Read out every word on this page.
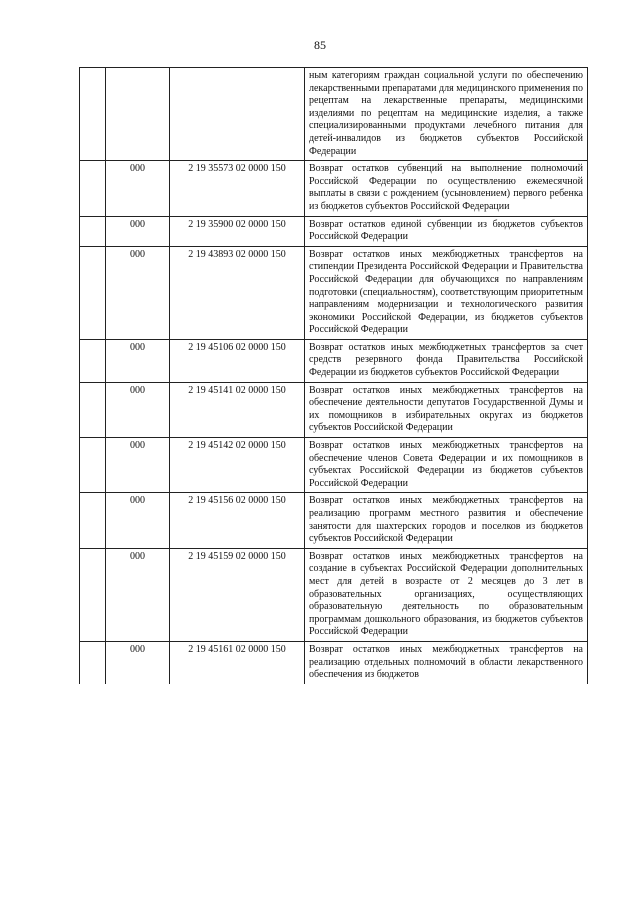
85
			ным категориям граждан социальной услуги по обеспечению лекарственными препаратами для медицинского применения по рецептам на лекарственные препараты, медицинскими изделиями по рецептам на медицинские изделия, а также специализированными продуктами лечебного питания для детей-инвалидов из бюджетов субъектов Российской Федерации
	000	2 19 35573 02 0000 150	Возврат остатков субвенций на выполнение полномочий Российской Федерации по осуществлению ежемесячной выплаты в связи с рождением (усыновлением) первого ребенка из бюджетов субъектов Российской Федерации
	000	2 19 35900 02 0000 150	Возврат остатков единой субвенции из бюджетов субъектов Российской Федерации
	000	2 19 43893 02 0000 150	Возврат остатков иных межбюджетных трансфертов на стипендии Президента Российской Федерации и Правительства Российской Федерации для обучающихся по направлениям подготовки (специальностям), соответствующим приоритетным направлениям модернизации и технологического развития экономики Российской Федерации, из бюджетов субъектов Российской Федерации
	000	2 19 45106 02 0000 150	Возврат остатков иных межбюджетных трансфертов за счет средств резервного фонда Правительства Российской Федерации из бюджетов субъектов Российской Федерации
	000	2 19 45141 02 0000 150	Возврат остатков иных межбюджетных трансфертов на обеспечение деятельности депутатов Государственной Думы и их помощников в избирательных округах из бюджетов субъектов Российской Федерации
	000	2 19 45142 02 0000 150	Возврат остатков иных межбюджетных трансфертов на обеспечение членов Совета Федерации и их помощников в субъектах Российской Федерации из бюджетов субъектов Российской Федерации
	000	2 19 45156 02 0000 150	Возврат остатков иных межбюджетных трансфертов на реализацию программ местного развития и обеспечение занятости для шахтерских городов и поселков из бюджетов субъектов Российской Федерации
	000	2 19 45159 02 0000 150	Возврат остатков иных межбюджетных трансфертов на создание в субъектах Российской Федерации дополнительных мест для детей в возрасте от 2 месяцев до 3 лет в образовательных организациях, осуществляющих образовательную деятельность по образовательным программам дошкольного образования, из бюджетов субъектов Российской Федерации
	000	2 19 45161 02 0000 150	Возврат остатков иных межбюджетных трансфертов на реализацию отдельных полномочий в области лекарственного обеспечения из бюджетов
